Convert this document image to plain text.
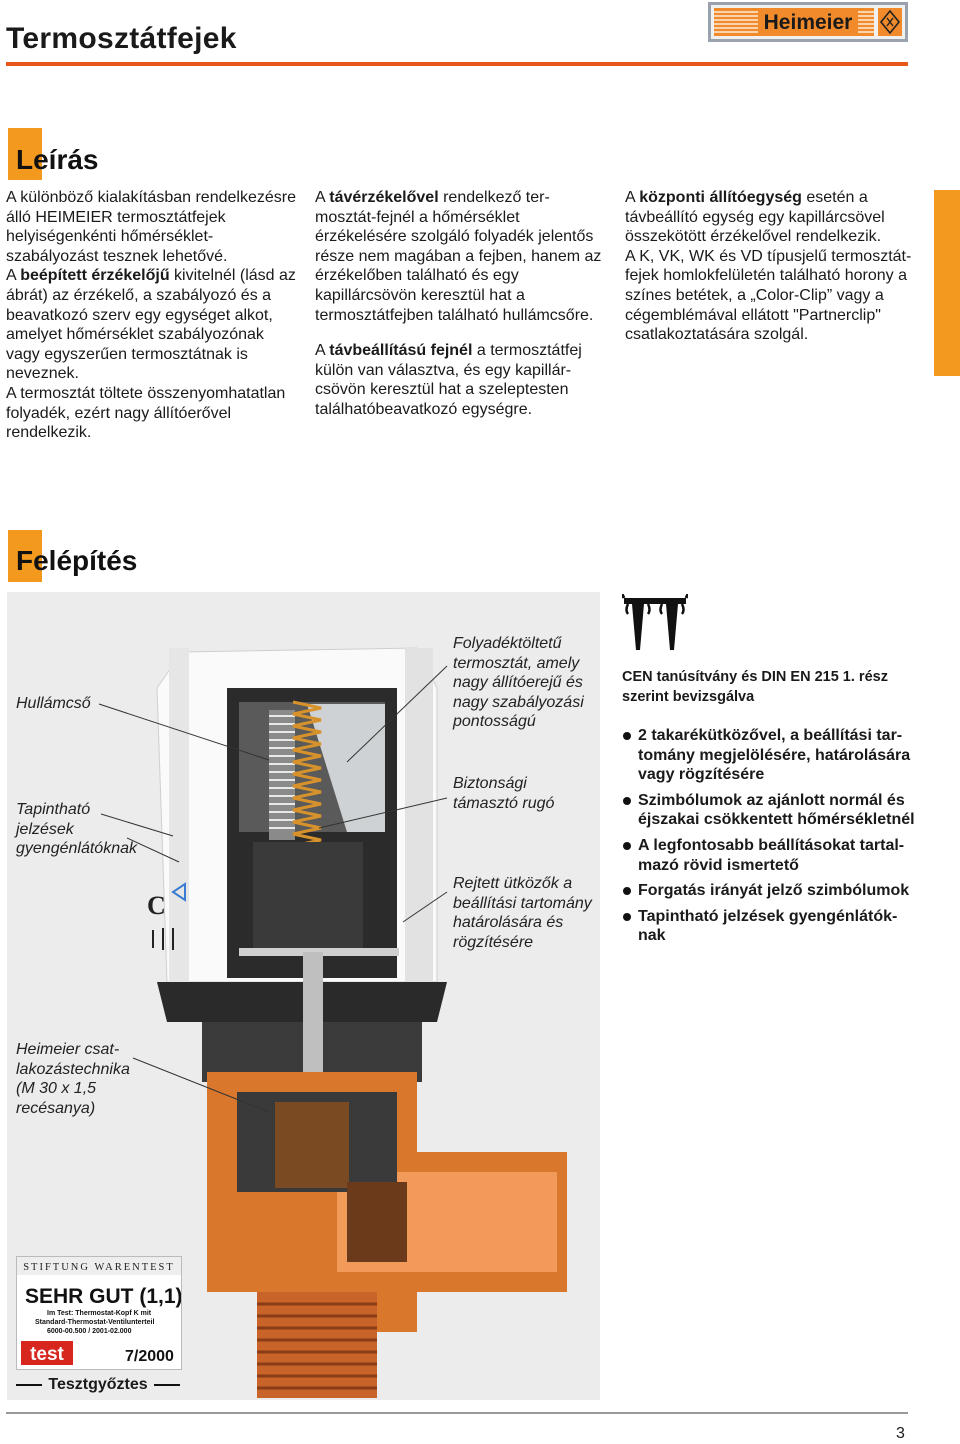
Termosztátfejek	Heimeier
Leírás

A különböző kialakításban rendelkezésre álló HEIMEIER termosztátfejek helyiségenkénti hőmérsékletszabályozást tesznek lehetővé.

A beépített érzékelőjű kivitelnél (lásd az ábrát) az érzékelő, a szabályozó és a beavatkozó szerv egy egységet alkot, amelyet hőmérséklet szabályozónak vagy egyszerűen termosztátnak is neveznek.

A termosztát töltete összenyomhatatlan folyadék, ezért nagy állítóerővel rendelkezik.

A távérzékelővel rendelkező termosztát-fejnél a hőmérséklet érzékelésére szolgáló folyadék jelentős része nem magában a fejben, hanem az érzékelőben található és egy kapillárcsövön keresztül hat a termosztátfejben található hullámcsőre.

A távbeállítású fejnél a termosztátfej külön van választva, és egy kapillárcsövön keresztül hat a szeleptesten találhatóbeavatkozó egységre.

A központi állítóegység esetén a távbeállító egység egy kapillárcsövel összekötött érzékelővel rendelkezik.

A K, VK, WK és VD típusjelű termosztát-fejek homlokfelületén található horony a színes betétek, a „Color-Clip” vagy a cégemblémával ellátott "Partnerclip" csatlakoztatására szolgál.

Felépítés
C
Hullámcső
Tapintható jelzések gyengénlátóknak
Heimeier csatlakozástechnika (M 30 x 1,5 recésanya)
Folyadéktöltetű termosztát, amely nagy állítóerejű és nagy szabályozási pontosságú
Biztonsági támasztó rugó
Rejtett ütközők a beállítási tartomány határolására és rögzítésére
STIFTUNG WARENTEST
SEHR GUT (1,1)
Im Test: Thermostat-Kopf K mit
Standard-Thermostat-Ventilunterteil
6000-00.500 / 2001-02.000
test	7/2000
Tesztgyőztes
CEN tanúsítvány és DIN EN 215 1. rész szerint bevizsgálva
2 takarékütközővel, a beállítási tartomány megjelölésére, határolására vagy rögzítésére
Szimbólumok az ajánlott normál és éjszakai csökkentett hőmérsékletnél
A legfontosabb beállításokat tartalmazó rövid ismertető
Forgatás irányát jelző szimbólumok
Tapintható jelzések gyengénlátóknak
3
